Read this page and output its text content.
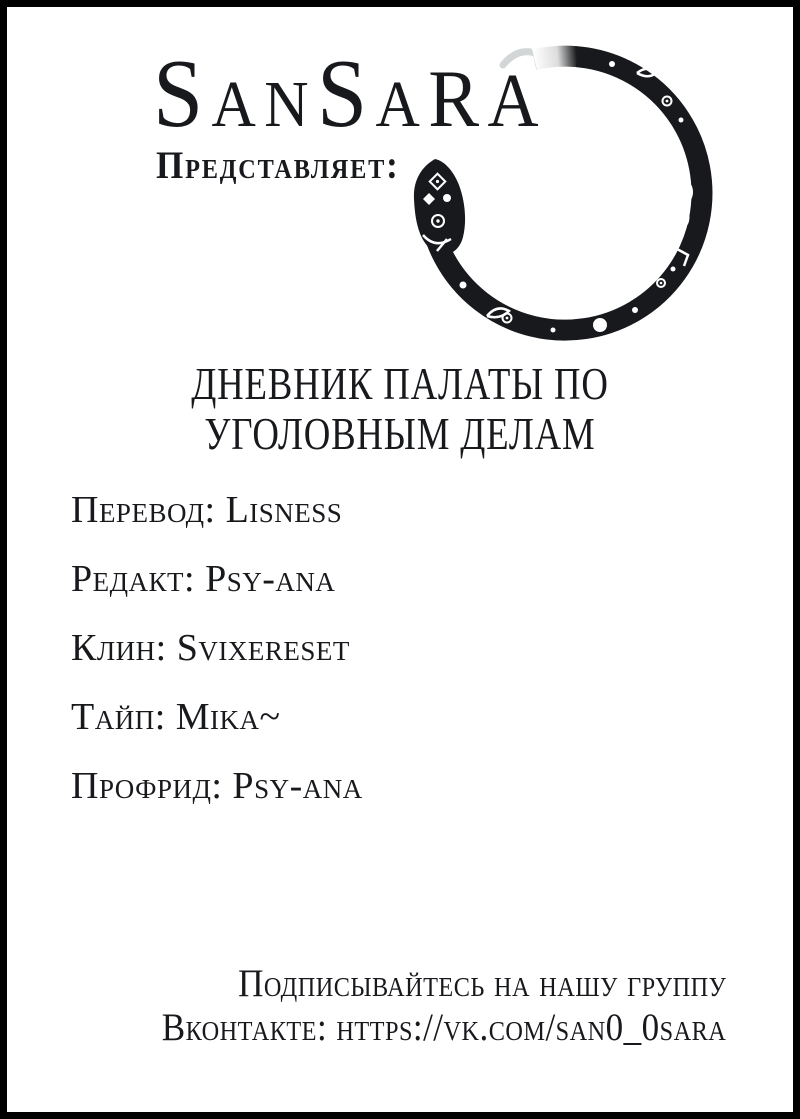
S A N S A R A
Представляет:
ДНЕВНИК ПАЛАТЫ ПО
УГОЛОВНЫМ ДЕЛАМ
Перевод: Lisness
Редакт: Psy-ana
Клин: Svixereset
Тайп: Mika~
Профрид: Psy-ana
Подписывайтесь на нашу группу
Вконтакте: https://vk.com/san0_0sara
